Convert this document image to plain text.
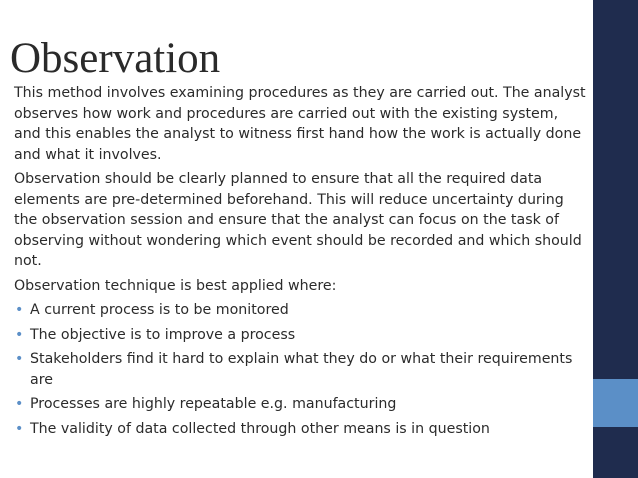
Observation

This method involves examining procedures as they are carried out. The analyst observes how work and procedures are carried out with the existing system, and this enables the analyst to witness first hand how the work is actually done and what it involves.

Observation should be clearly planned to ensure that all the required data elements are pre-determined beforehand. This will reduce uncertainty during the observation session and ensure that the analyst can focus on the task of observing without wondering which event should be recorded and which should not.

Observation technique is best applied where:

• A current process is to be monitored
• The objective is to improve a process
• Stakeholders find it hard to explain what they do or what their requirements are
• Processes are highly repeatable e.g. manufacturing
• The validity of data collected through other means is in question
